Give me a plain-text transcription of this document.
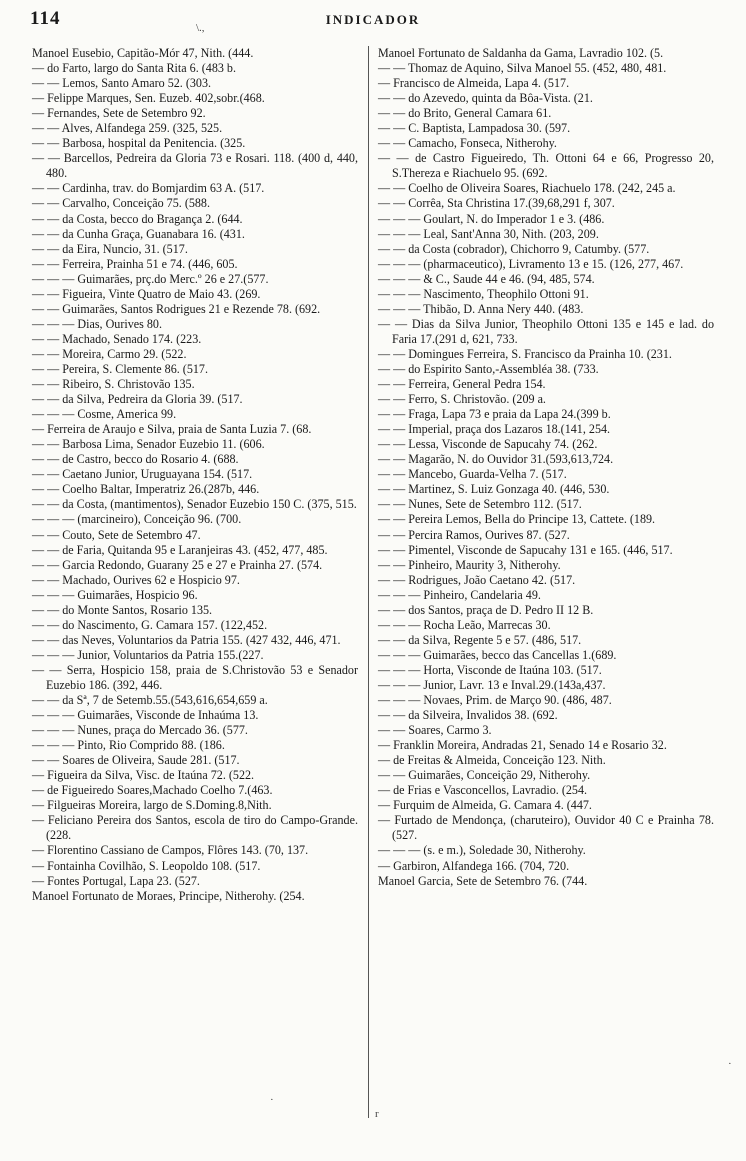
114	INDICADOR
\.,

Manoel Eusebio, Capitão-Mór 47, Nith. (444.

— do Farto, largo do Santa Rita 6. (483 b.

— — Lemos, Santo Amaro 52. (303.

— Felippe Marques, Sen. Euzeb. 402,sobr.(468.

— Fernandes, Sete de Setembro 92.

— — Alves, Alfandega 259. (325, 525.

— — Barbosa, hospital da Penitencia. (325.

— — Barcellos, Pedreira da Gloria 73 e Rosari. 118. (400 d, 440, 480.

— — Cardinha, trav. do Bomjardim 63 A. (517.

— — Carvalho, Conceição 75. (588.

— — da Costa, becco do Bragança 2. (644.

— — da Cunha Graça, Guanabara 16. (431.

— — da Eira, Nuncio, 31. (517.

— — Ferreira, Prainha 51 e 74. (446, 605.

— — — Guimarães, prç.do Merc.º 26 e 27.(577.

— — Figueira, Vinte Quatro de Maio 43. (269.

— — Guimarães, Santos Rodrigues 21 e Rezende 78. (692.

— — — Dias, Ourives 80.

— — Machado, Senado 174. (223.

— — Moreira, Carmo 29. (522.

— — Pereira, S. Clemente 86. (517.

— — Ribeiro, S. Christovão 135.

— — da Silva, Pedreira da Gloria 39. (517.

— — — Cosme, America 99.

— Ferreira de Araujo e Silva, praia de Santa Luzia 7. (68.

— — Barbosa Lima, Senador Euzebio 11. (606.

— — de Castro, becco do Rosario 4. (688.

— — Caetano Junior, Uruguayana 154. (517.

— — Coelho Baltar, Imperatriz 26.(287b, 446.

— — da Costa, (mantimentos), Senador Euzebio 150 C. (375, 515.

— — — (marcineiro), Conceição 96. (700.

— — Couto, Sete de Setembro 47.

— — de Faria, Quitanda 95 e Laranjeiras 43. (452, 477, 485.

— — Garcia Redondo, Guarany 25 e 27 e Prainha 27. (574.

— — Machado, Ourives 62 e Hospicio 97.

— — — Guimarães, Hospicio 96.

— — do Monte Santos, Rosario 135.

— — do Nascimento, G. Camara 157. (122,452.

— — das Neves, Voluntarios da Patria 155. (427 432, 446, 471.

— — — Junior, Voluntarios da Patria 155.(227.

— — Serra, Hospicio 158, praia de S.Christovão 53 e Senador Euzebio 186. (392, 446.

— — da Sª, 7 de Setemb.55.(543,616,654,659 a.

— — — Guimarães, Visconde de Inhaúma 13.

— — — Nunes, praça do Mercado 36. (577.

— — — Pinto, Rio Comprido 88. (186.

— — Soares de Oliveira, Saude 281. (517.

— Figueira da Silva, Visc. de Itaúna 72. (522.

— de Figueiredo Soares,Machado Coelho 7.(463.

— Filgueiras Moreira, largo de S.Doming.8,Nith.

— Feliciano Pereira dos Santos, escola de tiro do Campo-Grande. (228.

— Florentino Cassiano de Campos, Flôres 143. (70, 137.

— Fontainha Covilhão, S. Leopoldo 108. (517.

— Fontes Portugal, Lapa 23. (527.

Manoel Fortunato de Moraes, Principe, Nitherohy. (254.

Manoel Fortunato de Saldanha da Gama, Lavradio 102. (5.

— — Thomaz de Aquino, Silva Manoel 55. (452, 480, 481.

— Francisco de Almeida, Lapa 4. (517.

— — do Azevedo, quinta da Bôa-Vista. (21.

— — do Brito, General Camara 61.

— — C. Baptista, Lampadosa 30. (597.

— — Camacho, Fonseca, Nitherohy.

— — de Castro Figueiredo, Th. Ottoni 64 e 66, Progresso 20, S.Thereza e Riachuelo 95. (692.

— — Coelho de Oliveira Soares, Riachuelo 178. (242, 245 a.

— — Corrêa, Sta Christina 17.(39,68,291 f, 307.

— — — Goulart, N. do Imperador 1 e 3. (486.

— — — Leal, Sant'Anna 30, Nith. (203, 209.

— — da Costa (cobrador), Chichorro 9, Catumby. (577.

— — — (pharmaceutico), Livramento 13 e 15. (126, 277, 467.

— — — & C., Saude 44 e 46. (94, 485, 574.

— — — Nascimento, Theophilo Ottoni 91.

— — — Thibão, D. Anna Nery 440. (483.

— — Dias da Silva Junior, Theophilo Ottoni 135 e 145 e lad. do Faria 17.(291 d, 621, 733.

— — Domingues Ferreira, S. Francisco da Prainha 10. (231.

— — do Espirito Santo,-Assembléa 38. (733.

— — Ferreira, General Pedra 154.

— — Ferro, S. Christovão. (209 a.

— — Fraga, Lapa 73 e praia da Lapa 24.(399 b.

— — Imperial, praça dos Lazaros 18.(141, 254.

— — Lessa, Visconde de Sapucahy 74. (262.

— — Magarão, N. do Ouvidor 31.(593,613,724.

— — Mancebo, Guarda-Velha 7. (517.

— — Martinez, S. Luiz Gonzaga 40. (446, 530.

— — Nunes, Sete de Setembro 112. (517.

— — Pereira Lemos, Bella do Principe 13, Cattete. (189.

— — Percira Ramos, Ourives 87. (527.

— — Pimentel, Visconde de Sapucahy 131 e 165. (446, 517.

— — Pinheiro, Maurity 3, Nitherohy.

— — Rodrigues, João Caetano 42. (517.

— — — Pinheiro, Candelaria 49.

— — dos Santos, praça de D. Pedro II 12 B.

— — — Rocha Leão, Marrecas 30.

— — da Silva, Regente 5 e 57. (486, 517.

— — — Guimarães, becco das Cancellas 1.(689.

— — — Horta, Visconde de Itaúna 103. (517.

— — — Junior, Lavr. 13 e Inval.29.(143a,437.

— — — Novaes, Prim. de Março 90. (486, 487.

— — da Silveira, Invalidos 38. (692.

— — Soares, Carmo 3.

— Franklin Moreira, Andradas 21, Senado 14 e Rosario 32.

— de Freitas & Almeida, Conceição 123. Nith.

— — Guimarães, Conceição 29, Nitherohy.

— de Frias e Vasconcellos, Lavradio. (254.

— Furquim de Almeida, G. Camara 4. (447.

— Furtado de Mendonça, (charuteiro), Ouvidor 40 C e Prainha 78. (527.

— — — (s. e m.), Soledade 30, Nitherohy.

— Garbiron, Alfandega 166. (704, 720.

Manoel Garcia, Sete de Setembro 76. (744.

·
·
r
